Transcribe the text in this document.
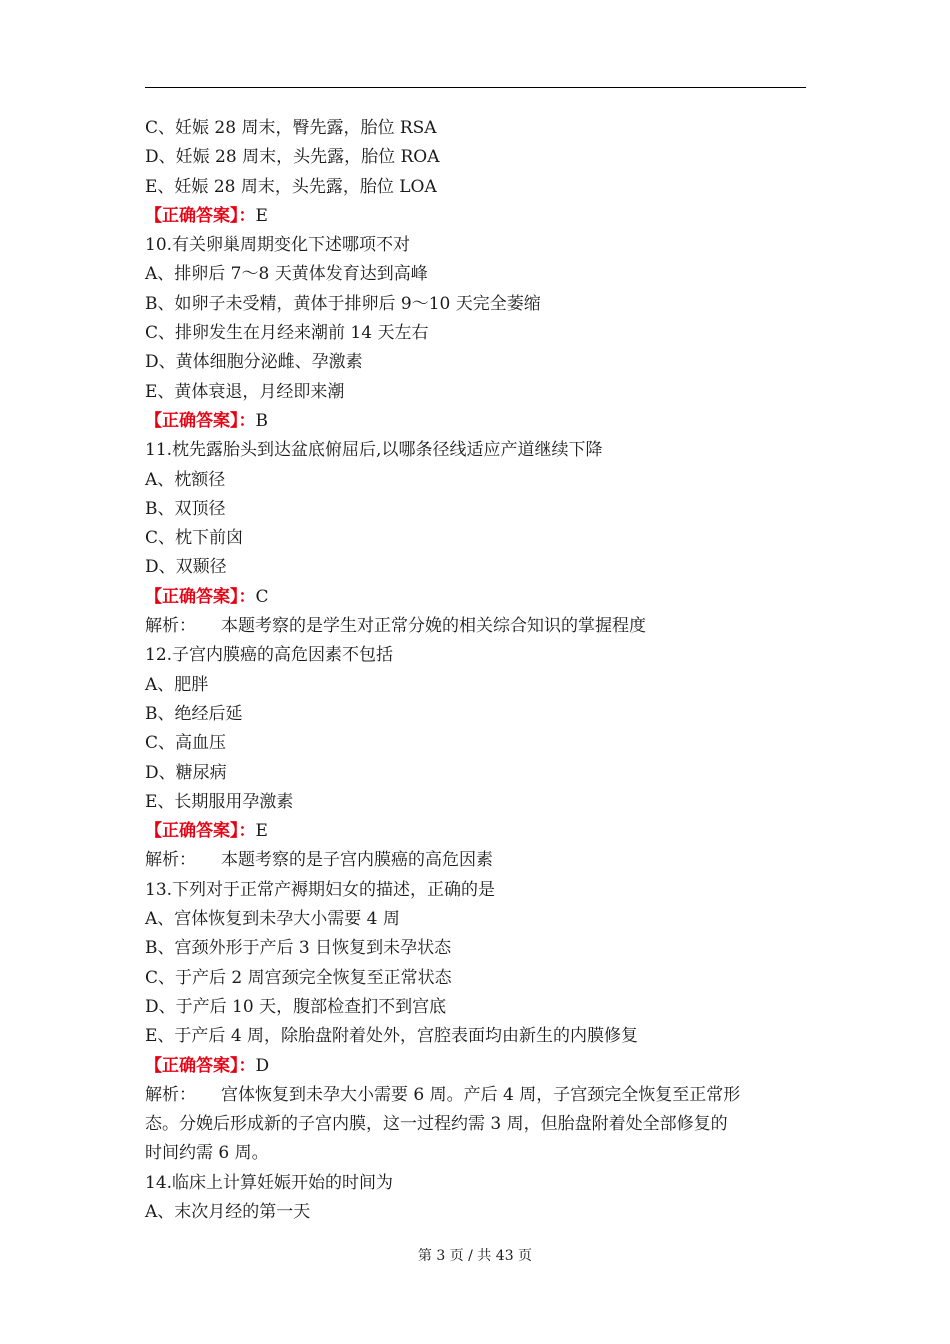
C、妊娠 28 周末，臀先露，胎位 RSA
D、妊娠 28 周末，头先露，胎位 ROA
E、妊娠 28 周末，头先露，胎位 LOA
【正确答案】：E
10.有关卵巢周期变化下述哪项不对
A、排卵后 7～8 天黄体发育达到高峰
B、如卵子未受精，黄体于排卵后 9～10 天完全萎缩
C、排卵发生在月经来潮前 14 天左右
D、黄体细胞分泌雌、孕激素
E、黄体衰退，月经即来潮
【正确答案】：B
11.枕先露胎头到达盆底俯屈后,以哪条径线适应产道继续下降
A、枕额径
B、双顶径
C、枕下前囟
D、双颞径
【正确答案】：C
解析： 本题考察的是学生对正常分娩的相关综合知识的掌握程度
12.子宫内膜癌的高危因素不包括
A、肥胖
B、绝经后延
C、高血压
D、糖尿病
E、长期服用孕激素
【正确答案】：E
解析： 本题考察的是子宫内膜癌的高危因素
13.下列对于正常产褥期妇女的描述，正确的是
A、宫体恢复到未孕大小需要 4 周
B、宫颈外形于产后 3 日恢复到未孕状态
C、于产后 2 周宫颈完全恢复至正常状态
D、于产后 10 天，腹部检查扪不到宫底
E、于产后 4 周，除胎盘附着处外，宫腔表面均由新生的内膜修复
【正确答案】：D
解析： 宫体恢复到未孕大小需要 6 周。产后 4 周，子宫颈完全恢复至正常形
态。分娩后形成新的子宫内膜，这一过程约需 3 周，但胎盘附着处全部修复的
时间约需 6 周。
14.临床上计算妊娠开始的时间为
A、末次月经的第一天
第 3 页 / 共 43 页
